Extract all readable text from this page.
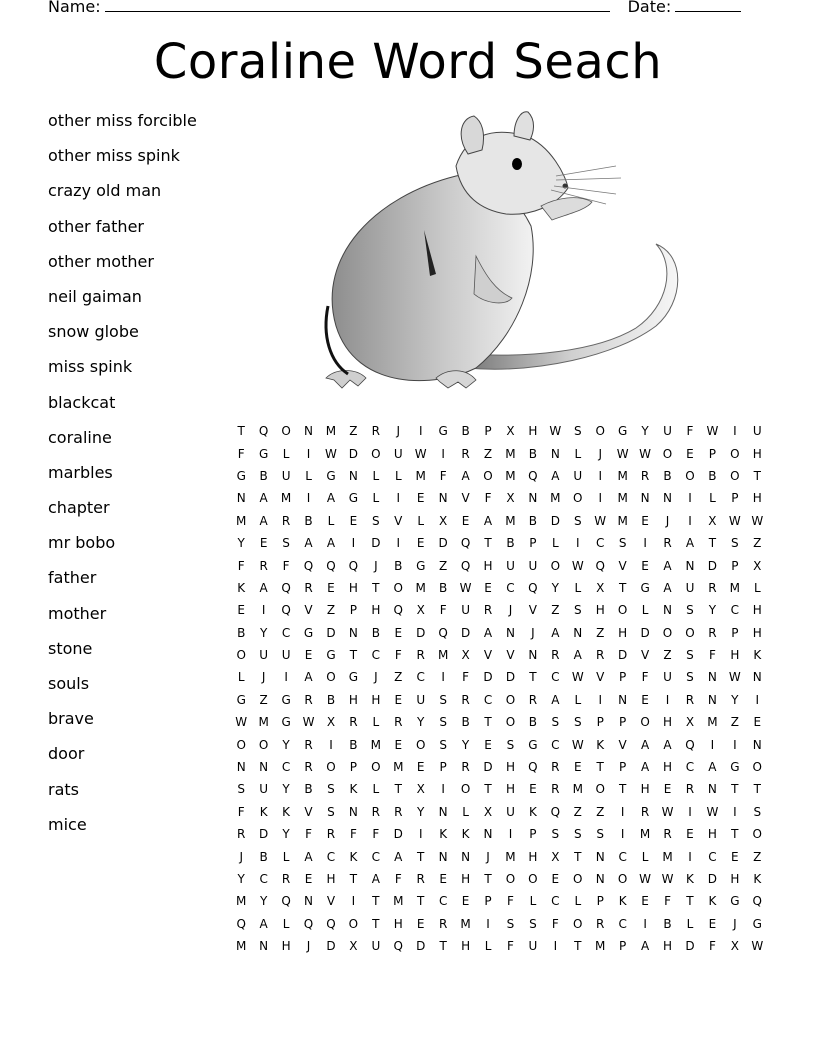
Name:	Date:
Coraline Word Seach
other miss forcible
other miss spink
crazy old man
other father
other mother
neil gaiman
snow globe
miss spink
blackcat
coraline
marbles
chapter
mr bobo
father
mother
stone
souls
brave
door
rats
mice
T	Q	O	N	M	Z	R	J	I	G	B	P	X	H W	S	O	G	Y	U	F	W	I	U
F	G	L	I	W D	O	U	W	I	R	Z	M	B	N	L	J	W W O	E	P	O	H
G	B	U	L	G	N	L	L	M	F	A	O	M	Q	A	U	I	M	R	B	O	B	O	T
N	A	M	I	A	G	L	I	E	N	V	F	X	N	M	O	I	M	N	N	I	L	P	H
M	A	R	B	L	E	S	V	L	X	E	A	M	B	D	S	W M	E	J	I	X	W W
Y	E	S	A	A	I	D	I	E	D	Q	T	B	P	L	I	C	S	I	R	A	T	S	Z
F	R	F	Q	Q	Q	J	B	G	Z	Q	H	U	U	O W Q	V	E	A	N	D	P	X
K	A	Q	R	E	H	T	O	M	B	W	E	C	Q	Y	L	X	T	G	A	U	R	M	L
E	I	Q	V	Z	P	H	Q	X	F	U	R	J	V	Z	S	H	O	L	N	S	Y	C	H
B	Y	C	G	D	N	B	E	D	Q	D	A	N	J	A	N	Z	H	D	O	O	R	P	H
O	U	U	E	G	T	C	F	R	M	X	V	V	N	R	A	R	D	V	Z	S	F	H	K
L	J	I	A	O	G	J	Z	C	I	F	D	D	T	C	W	V	P	F	U	S	N	W	N
G	Z	G	R	B	H	H	E	U	S	R	C	O	R	A	L	I	N	E	I	R	N	Y	I
W M	G W	X	R	L	R	Y	S	B	T	O	B	S	S	P	P	O	H	X	M	Z	E
O	O	Y	R	I	B	M	E	O	S	Y	E	S	G	C	W	K	V	A	A	Q	I	I	N
N	N	C	R	O	P	O	M	E	P	R	D	H	Q	R	E	T	P	A	H	C	A	G	O
S	U	Y	B	S	K	L	T	X	I	O	T	H	E	R	M	O	T	H	E	R	N	T	T
F	K	K	V	S	N	R	R	Y	N	L	X	U	K	Q	Z	Z	I	R	W	I	W	I	S
R	D	Y	F	R	F	F	D	I	K	K	N	I	P	S	S	S	I	M	R	E	H	T	O
J	B	L	A	C	K	C	A	T	N	N	J	M	H	X	T	N	C	L	M	I	C	E	Z
Y	C	R	E	H	T	A	F	R	E	H	T	O	O	E	O	N	O W W	K	D	H	K
M	Y	Q	N	V	I	T	M	T	C	E	P	F	L	C	L	P	K	E	F	T	K	G	Q
Q	A	L	Q	Q	O	T	H	E	R	M	I	S	S	F	O	R	C	I	B	L	E	J	G
M	N	H	J	D	X	U	Q	D	T	H	L	F	U	I	T	M	P	A	H	D	F	X	W
